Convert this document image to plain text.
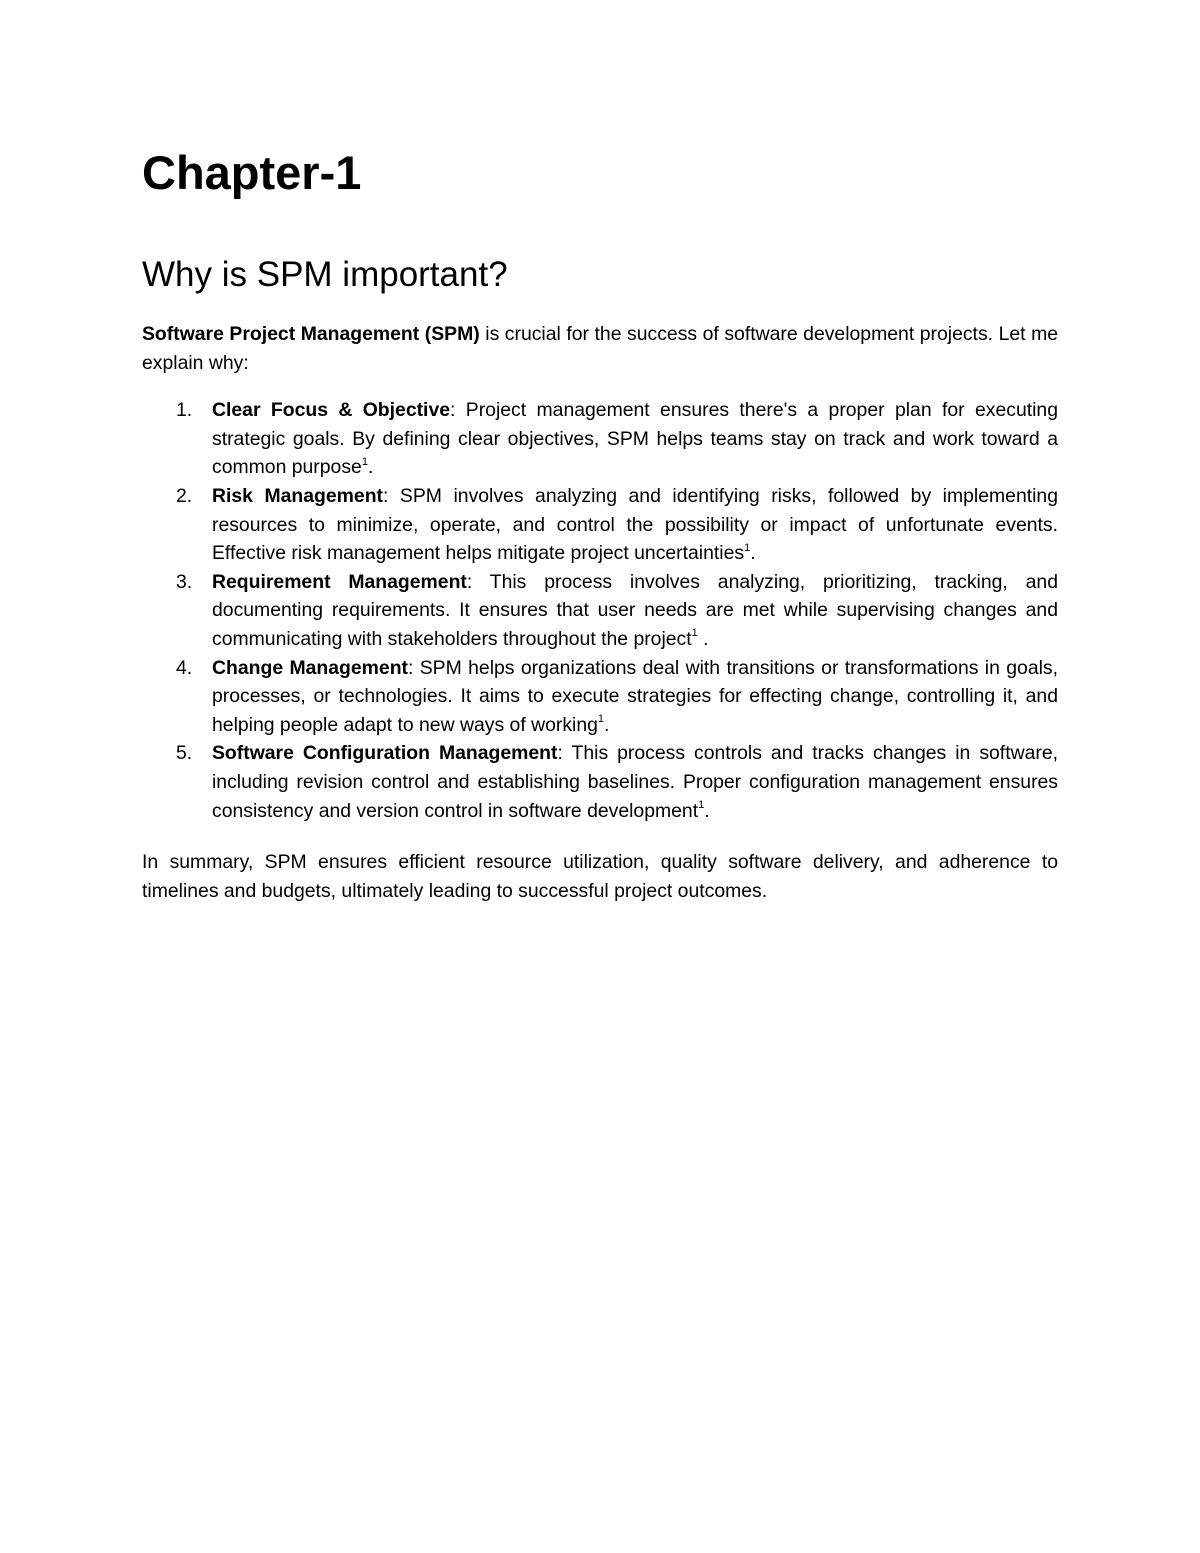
Chapter-1
Why is SPM important?

Software Project Management (SPM) is crucial for the success of software development projects. Let me explain why:

1. Clear Focus & Objective: Project management ensures there's a proper plan for executing strategic goals. By defining clear objectives, SPM helps teams stay on track and work toward a common purpose$^1$.
2. Risk Management: SPM involves analyzing and identifying risks, followed by implementing resources to minimize, operate, and control the possibility or impact of unfortunate events. Effective risk management helps mitigate project uncertainties$^1$.
3. Requirement Management: This process involves analyzing, prioritizing, tracking, and documenting requirements. It ensures that user needs are met while supervising changes and communicating with stakeholders throughout the project$^1$ .
4. Change Management: SPM helps organizations deal with transitions or transformations in goals, processes, or technologies. It aims to execute strategies for effecting change, controlling it, and helping people adapt to new ways of working$^1$.
5. Software Configuration Management: This process controls and tracks changes in software, including revision control and establishing baselines. Proper configuration management ensures consistency and version control in software development$^1$.

In summary, SPM ensures efficient resource utilization, quality software delivery, and adherence to timelines and budgets, ultimately leading to successful project outcomes.
